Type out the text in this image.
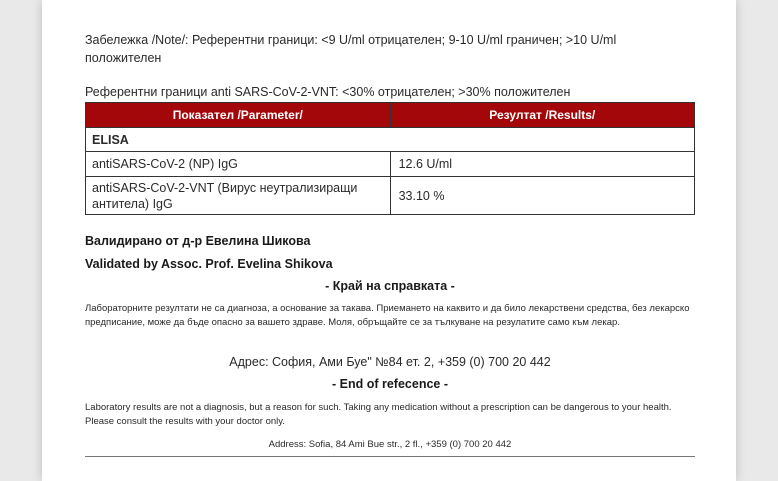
Забележка /Note/: Референтни граници: <9 U/ml отрицателен; 9-10 U/ml граничен; >10 U/ml положителен
Референтни граници anti SARS-CoV-2-VNT: <30% отрицателен; >30% положителен
Показател /Parameter/	Резултат /Results/
ELISA	
antiSARS-CoV-2 (NP) IgG	12.6 U/ml
antiSARS-CoV-2-VNT (Вирус неутрализиращи антитела) IgG	33.10 %
Валидирано от д-р Евелина Шикова
Validated by Assoc. Prof. Evelina Shikova
- Край на справката -
Лабораторните резултати не са диагноза, а основание за такава. Приемането на каквито и да било лекарствени средства, без лекарско предписание, може да бъде опасно за вашето здраве. Моля, обръщайте се за тълкуване на резулатите само към лекар.
Адрес: София, Ами Буе" №84 ет. 2, +359 (0) 700 20 442
- End of refecence -
Laboratory results are not a diagnosis, but a reason for such. Taking any medication without a prescription can be dangerous to your health. Please consult the results with your doctor only.
Address: Sofia, 84 Ami Bue str., 2 fl., +359 (0) 700 20 442
